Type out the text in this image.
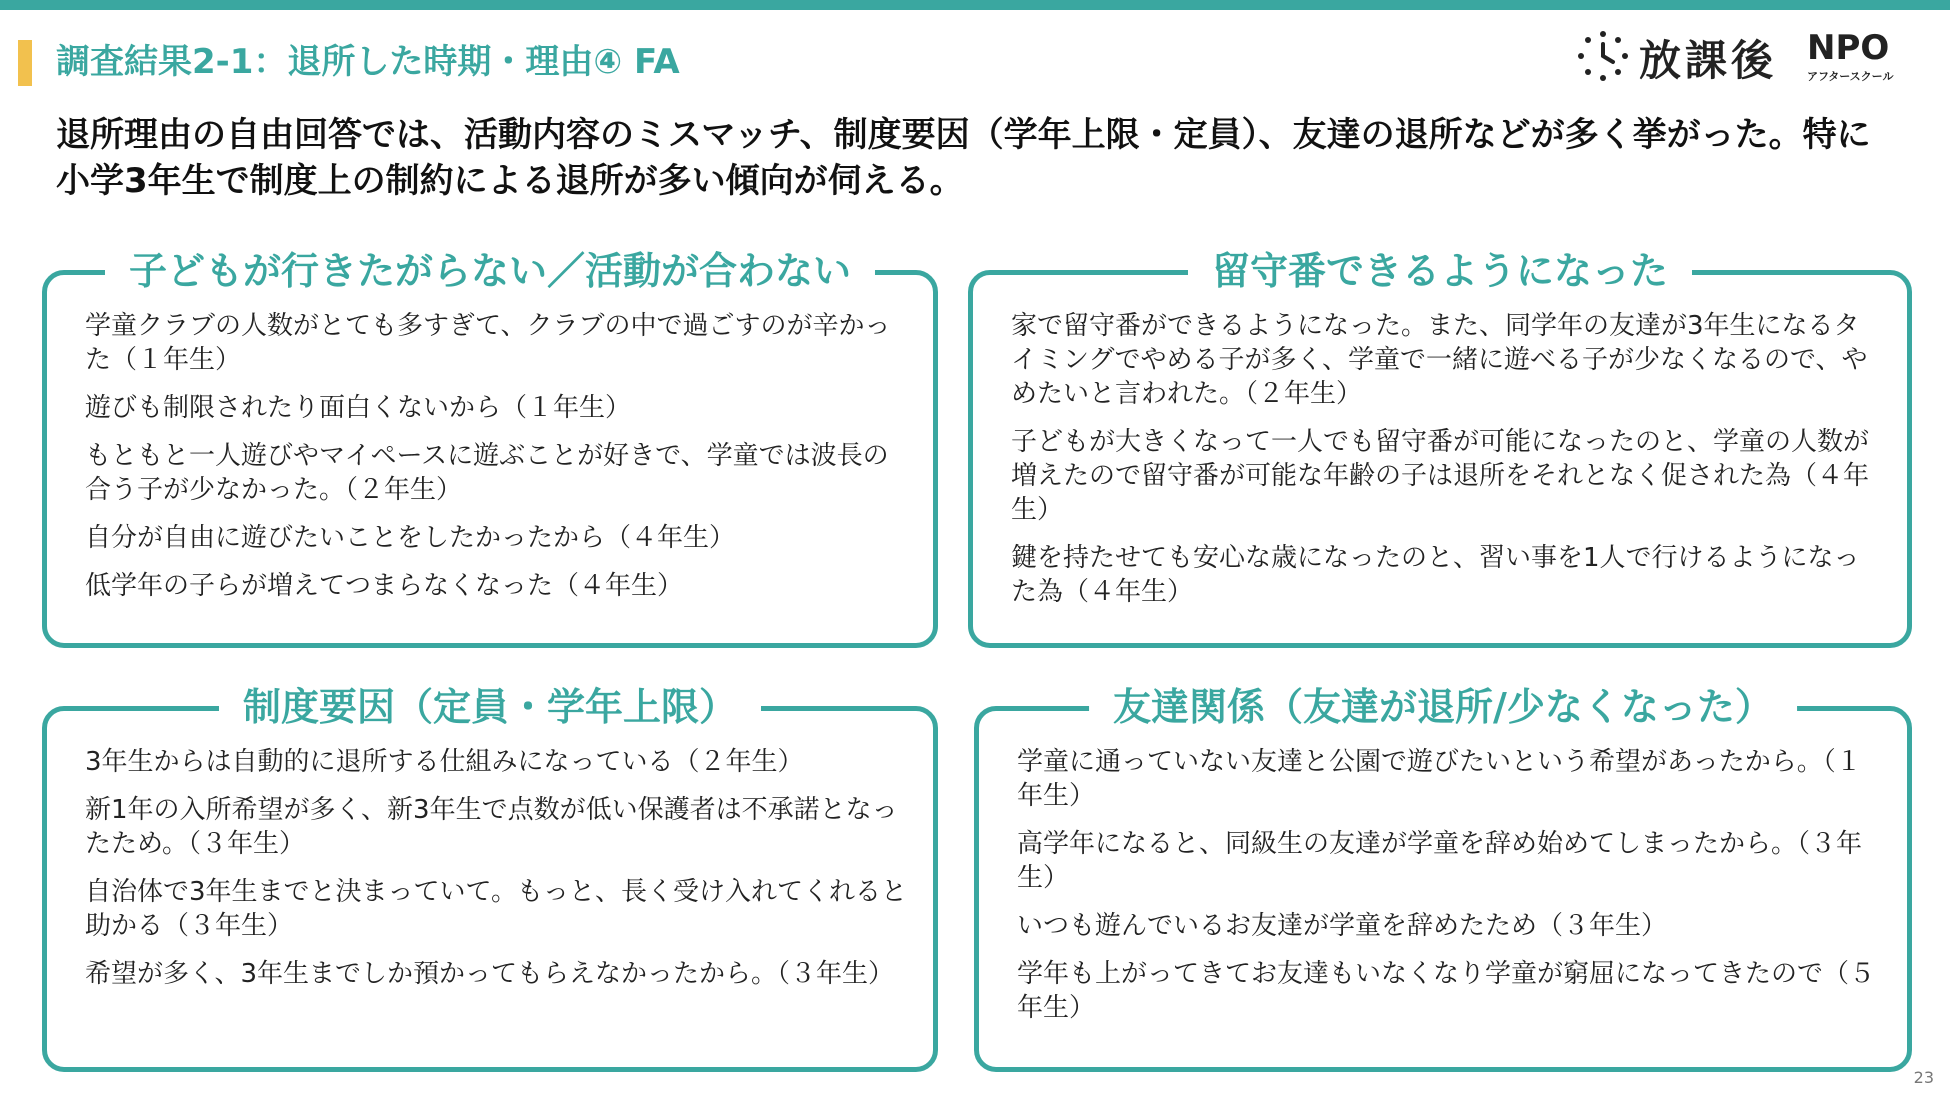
調査結果2-1：退所した時期・理由④ FA	放課後 NPO
アフタースクール

退所理由の自由回答では、活動内容のミスマッチ、制度要因（学年上限・定員）、友達の退所などが多く挙がった。特に小学3年生で制度上の制約による退所が多い傾向が伺える。

子どもが行きたがらない／活動が合わない
学童クラブの人数がとても多すぎて、クラブの中で過ごすのが辛かった（１年生）
遊びも制限されたり面白くないから（１年生）
もともと一人遊びやマイペースに遊ぶことが好きで、学童では波長の合う子が少なかった。（２年生）
自分が自由に遊びたいことをしたかったから（４年生）
低学年の子らが増えてつまらなくなった（４年生）
留守番できるようになった
家で留守番ができるようになった。また、同学年の友達が3年生になるタイミングでやめる子が多く、学童で一緒に遊べる子が少なくなるので、やめたいと言われた。（２年生）
子どもが大きくなって一人でも留守番が可能になったのと、学童の人数が増えたので留守番が可能な年齢の子は退所をそれとなく促された為（４年生）
鍵を持たせても安心な歳になったのと、習い事を1人で行けるようになった為（４年生）
制度要因（定員・学年上限）
3年生からは自動的に退所する仕組みになっている（２年生）
新1年の入所希望が多く、新3年生で点数が低い保護者は不承諾となったため。（３年生）
自治体で3年生までと決まっていて。もっと、長く受け入れてくれると助かる（３年生）
希望が多く、3年生までしか預かってもらえなかったから。（３年生）
友達関係（友達が退所/少なくなった）
学童に通っていない友達と公園で遊びたいという希望があったから。（１年生）
高学年になると、同級生の友達が学童を辞め始めてしまったから。（３年生）
いつも遊んでいるお友達が学童を辞めたため（３年生）
学年も上がってきてお友達もいなくなり学童が窮屈になってきたので（５年生）
23
